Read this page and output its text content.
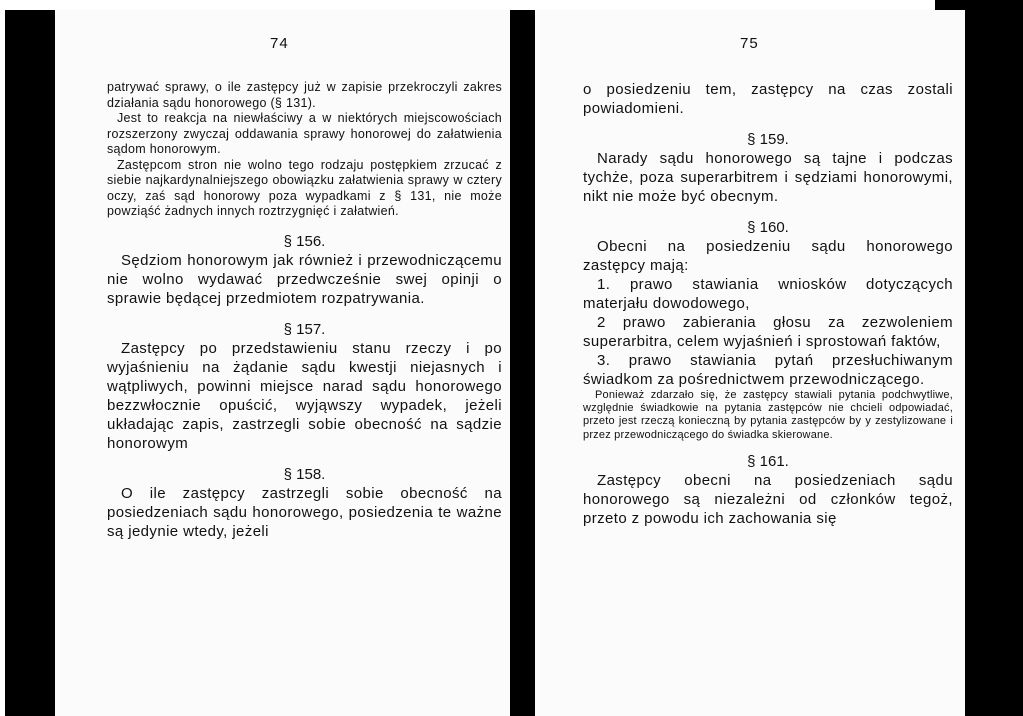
74

patrywać sprawy, o ile zastępcy już w zapisie przekroczyli zakres działania sądu honorowego (§ 131).

Jest to reakcja na niewłaściwy a w niektórych miejscowościach rozszerzony zwyczaj oddawania sprawy honorowej do załatwienia sądom honorowym.

Zastępcom stron nie wolno tego rodzaju postępkiem zrzucać z siebie najkardynalniejszego obowiązku załatwienia sprawy w cztery oczy, zaś sąd honorowy poza wypadkami z § 131, nie może powziąść żadnych innych roztrzygnięć i załatwień.

§ 156.

Sędziom honorowym jak również i przewodniczącemu nie wolno wydawać przedwcześnie swej opinji o sprawie będącej przedmiotem rozpatrywania.

§ 157.

Zastępcy po przedstawieniu stanu rzeczy i po wyjaśnieniu na żądanie sądu kwestji niejasnych i wątpliwych, powinni miejsce narad sądu honorowego bezzwłocznie opuścić, wyjąwszy wypadek, jeżeli układając zapis, zastrzegli sobie obecność na sądzie honorowym

§ 158.

O ile zastępcy zastrzegli sobie obecność na posiedzeniach sądu honorowego, posiedzenia te ważne są jedynie wtedy, jeżeli

75

o posiedzeniu tem, zastępcy na czas zostali powiadomieni.

§ 159.

Narady sądu honorowego są tajne i podczas tychże, poza superarbitrem i sędziami honorowymi, nikt nie może być obecnym.

§ 160.

Obecni na posiedzeniu sądu honorowego zastępcy mają:

1. prawo stawiania wniosków dotyczących materjału dowodowego,

2 prawo zabierania głosu za zezwoleniem superarbitra, celem wyjaśnień i sprostowań faktów,

3. prawo stawiania pytań przesłuchiwanym świadkom za pośrednictwem przewodniczącego.

Ponieważ zdarzało się, że zastępcy stawiali pytania podchwytliwe, względnie świadkowie na pytania zastępców nie chcieli odpowiadać, przeto jest rzeczą konieczną by pytania zastępców by y zestylizowane i przez przewodniczącego do świadka skierowane.

§ 161.

Zastępcy obecni na posiedzeniach sądu honorowego są niezależni od członków tegoż, przeto z powodu ich zachowania się
